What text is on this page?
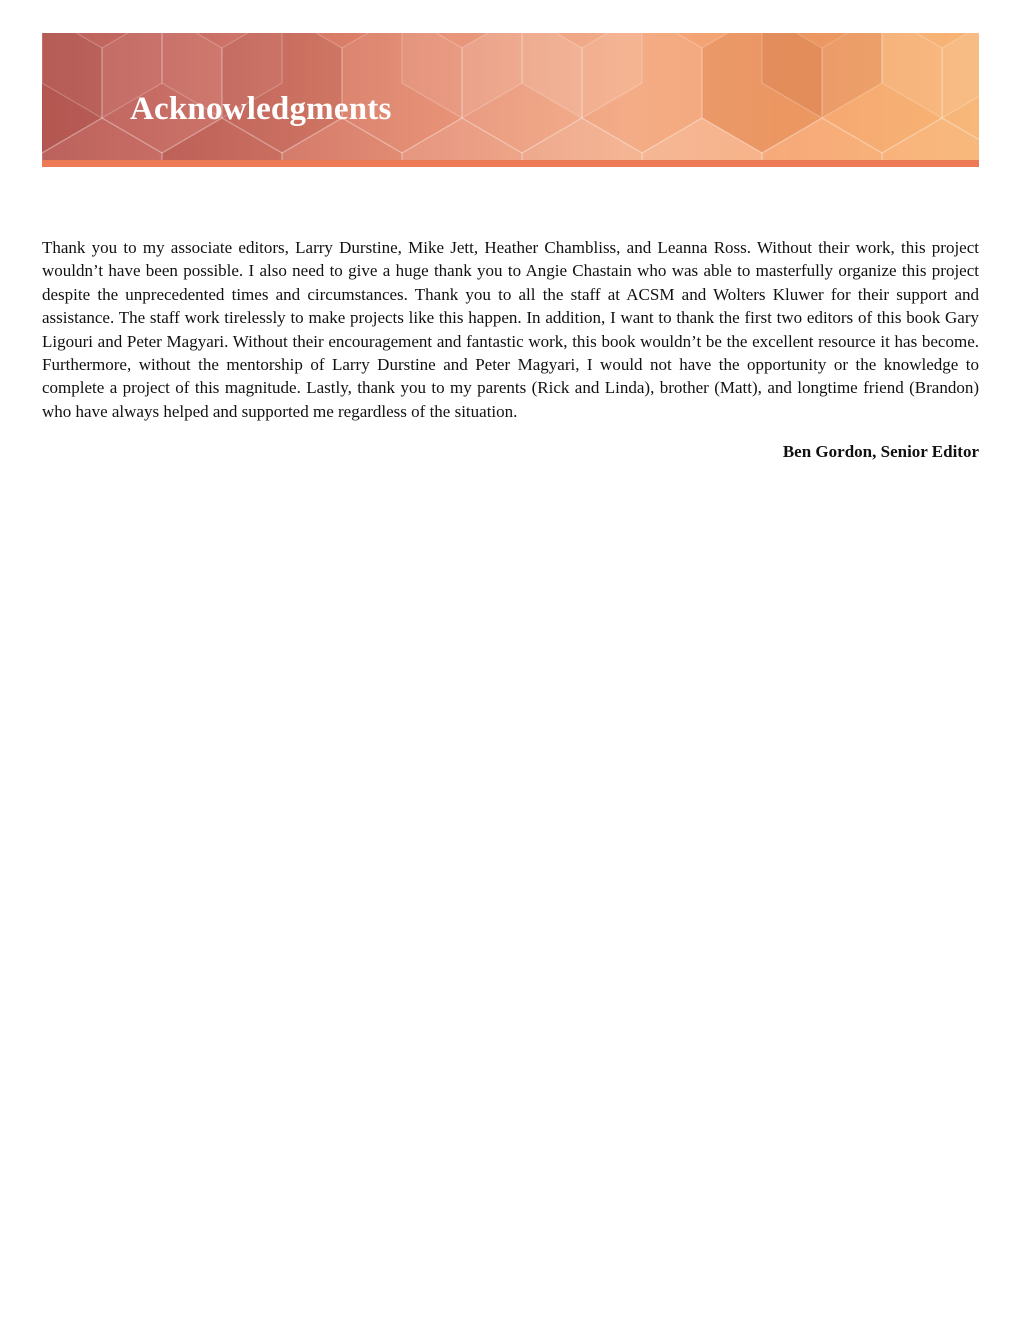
Acknowledgments

Thank you to my associate editors, Larry Durstine, Mike Jett, Heather Chambliss, and Leanna Ross. Without their work, this project wouldn’t have been possible. I also need to give a huge thank you to Angie Chastain who was able to masterfully organize this project despite the unprecedented times and circumstances. Thank you to all the staff at ACSM and Wolters Kluwer for their support and assistance. The staff work tirelessly to make projects like this happen. In addition, I want to thank the first two editors of this book Gary Ligouri and Peter Magyari. Without their encouragement and fantastic work, this book wouldn’t be the excellent resource it has become. Furthermore, without the mentorship of Larry Durstine and Peter Magyari, I would not have the opportunity or the knowledge to complete a project of this magnitude. Lastly, thank you to my parents (Rick and Linda), brother (Matt), and longtime friend (Brandon) who have always helped and supported me regardless of the situation.

Ben Gordon, Senior Editor
